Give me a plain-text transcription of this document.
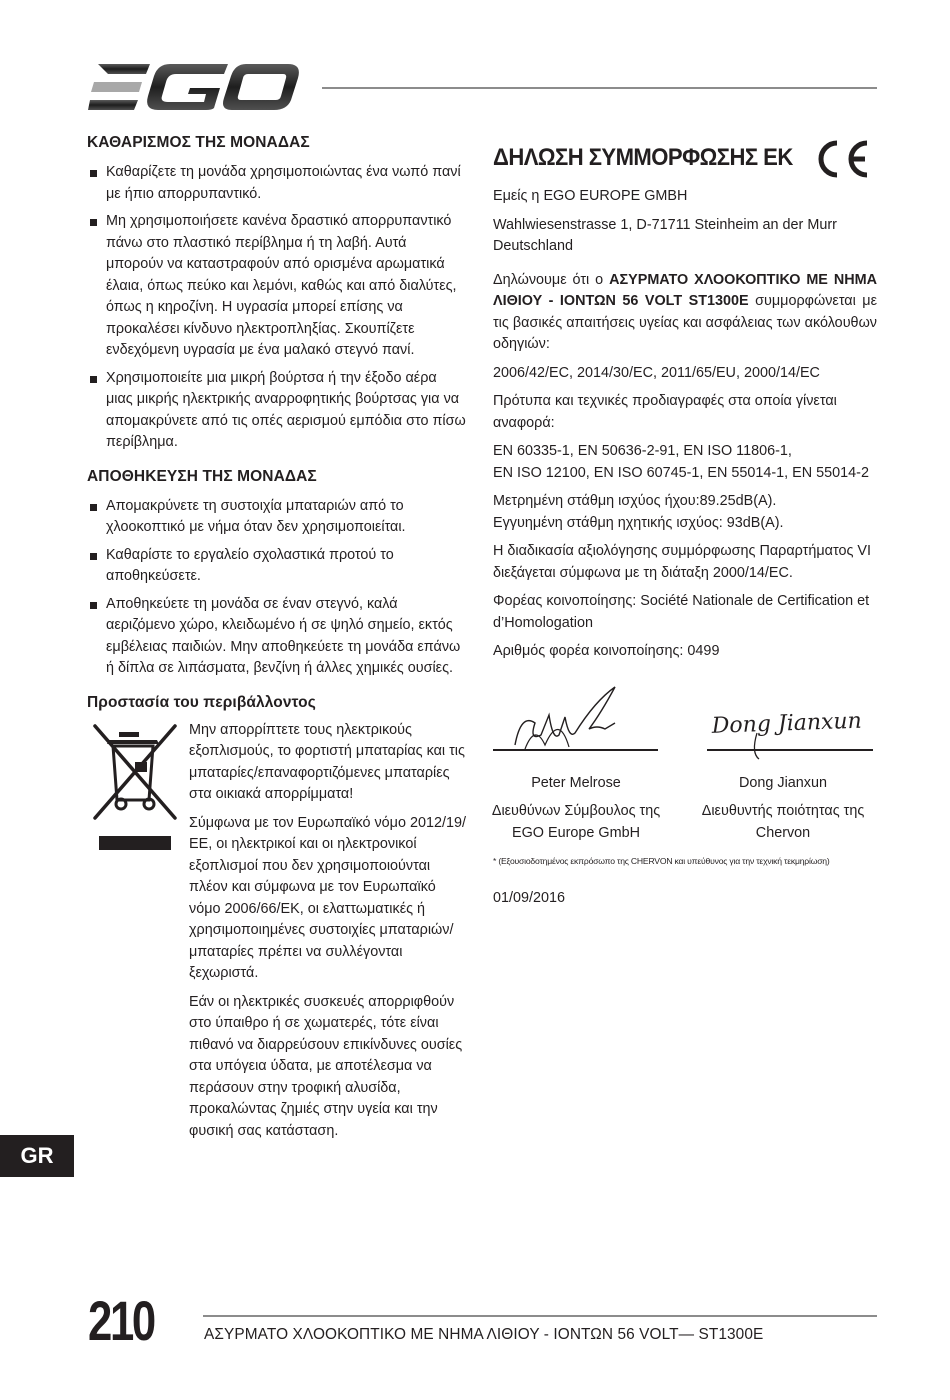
ΚΑΘΑΡΙΣΜΟΣ ΤΗΣ ΜΟΝΑΔΑΣ
Καθαρίζετε τη μονάδα χρησιμοποιώντας ένα νωπό πανί με ήπιο απορρυπαντικό.
Μη χρησιμοποιήσετε κανένα δραστικό απορρυπαντικό πάνω στο πλαστικό περίβλημα ή τη λαβή. Αυτά μπορούν να καταστραφούν από ορισμένα αρωματικά έλαια, όπως πεύκο και λεμόνι, καθώς και από διαλύτες, όπως η κηροζίνη. Η υγρασία μπορεί επίσης να προκαλέσει κίνδυνο ηλεκτροπληξίας. Σκουπίζετε ενδεχόμενη υγρασία με ένα μαλακό στεγνό πανί.
Χρησιμοποιείτε μια μικρή βούρτσα ή την έξοδο αέρα μιας μικρής ηλεκτρικής αναρροφητικής βούρτσας για να απομακρύνετε από τις οπές αερισμού εμπόδια στο πίσω περίβλημα.
ΑΠΟΘΗΚΕΥΣΗ ΤΗΣ ΜΟΝΑΔΑΣ
Απομακρύνετε τη συστοιχία μπαταριών από το χλοοκοπτικό με νήμα όταν δεν χρησιμοποιείται.
Καθαρίστε το εργαλείο σχολαστικά προτού το αποθηκεύσετε.
Αποθηκεύετε τη μονάδα σε έναν στεγνό, καλά αεριζόμενο χώρο, κλειδωμένο ή σε ψηλό σημείο, εκτός εμβέλειας παιδιών. Μην αποθηκεύετε τη μονάδα επάνω ή δίπλα σε λιπάσματα, βενζίνη ή άλλες χημικές ουσίες.
Προστασία του περιβάλλοντος

Μην απορρίπτετε τους ηλεκτρικούς εξοπλισμούς, το φορτιστή μπαταρίας και τις μπαταρίες/επαναφορτιζόμενες μπαταρίες στα οικιακά απορρίμματα!

Σύμφωνα με τον Ευρωπαϊκό νόμο 2012/19/ΕΕ, οι ηλεκτρικοί και οι ηλεκτρονικοί εξοπλισμοί που δεν χρησιμοποιούνται πλέον και σύμφωνα με τον Ευρωπαϊκό νόμο 2006/66/ΕΚ, οι ελαττωματικές ή χρησιμοποιημένες συστοιχίες μπαταριών/μπαταρίες πρέπει να συλλέγονται ξεχωριστά.

Εάν οι ηλεκτρικές συσκευές απορριφθούν στο ύπαιθρο ή σε χωματερές, τότε είναι πιθανό να διαρρεύσουν επικίνδυνες ουσίες στα υπόγεια ύδατα, με αποτέλεσμα να περάσουν στην τροφική αλυσίδα, προκαλώντας ζημιές στην υγεία και την φυσική σας κατάσταση.

ΔΗΛΩΣΗ ΣΥΜΜΟΡΦΩΣΗΣ ΕΚ

Εμείς η EGO EUROPE GMBH

Wahlwiesenstrasse 1, D-71711 Steinheim an der Murr Deutschland

Δηλώνουμε ότι ο ΑΣΥΡΜΑΤΟ ΧΛΟΟΚΟΠΤΙΚΟ ΜΕ ΝΗΜΑ ΛΙΘΙΟΥ - ΙΟΝΤΩΝ 56 VOLT ST1300E συμμορφώνεται με τις βασικές απαιτήσεις υγείας και ασφάλειας των ακόλουθων οδηγιών:

2006/42/EC, 2014/30/EC, 2011/65/EU, 2000/14/EC

Πρότυπα και τεχνικές προδιαγραφές στα οποία γίνεται αναφορά:

EN 60335-1, EN 50636-2-91, EN ISO 11806-1,
EN ISO 12100, EN ISO 60745-1, EN 55014-1, EN 55014-2

Μετρημένη στάθμη ισχύος ήχου:89.25dB(A).
Εγγυημένη στάθμη ηχητικής ισχύος: 93dB(A).

Η διαδικασία αξιολόγησης συμμόρφωσης Παραρτήματος VI διεξάγεται σύμφωνα με τη διάταξη 2000/14/EC.

Φορέας κοινοποίησης: Société Nationale de Certification et d’Homologation

Αριθμός φορέα κοινοποίησης: 0499

Dong Jianxun
Peter Melrose
Διευθύνων Σύμβουλος της EGO Europe GmbH
Dong Jianxun
Διευθυντής ποιότητας της Chervon
* (Εξουσιοδοτημένος εκπρόσωπο της CHERVON και υπεύθυνος για την τεχνική τεκμηρίωση)

01/09/2016

GR
210	ΑΣΥΡΜΑΤΟ ΧΛΟΟΚΟΠΤΙΚΟ ΜΕ ΝΗΜΑ ΛΙΘΙΟΥ - ΙΟΝΤΩΝ 56 VOLT— ST1300E
